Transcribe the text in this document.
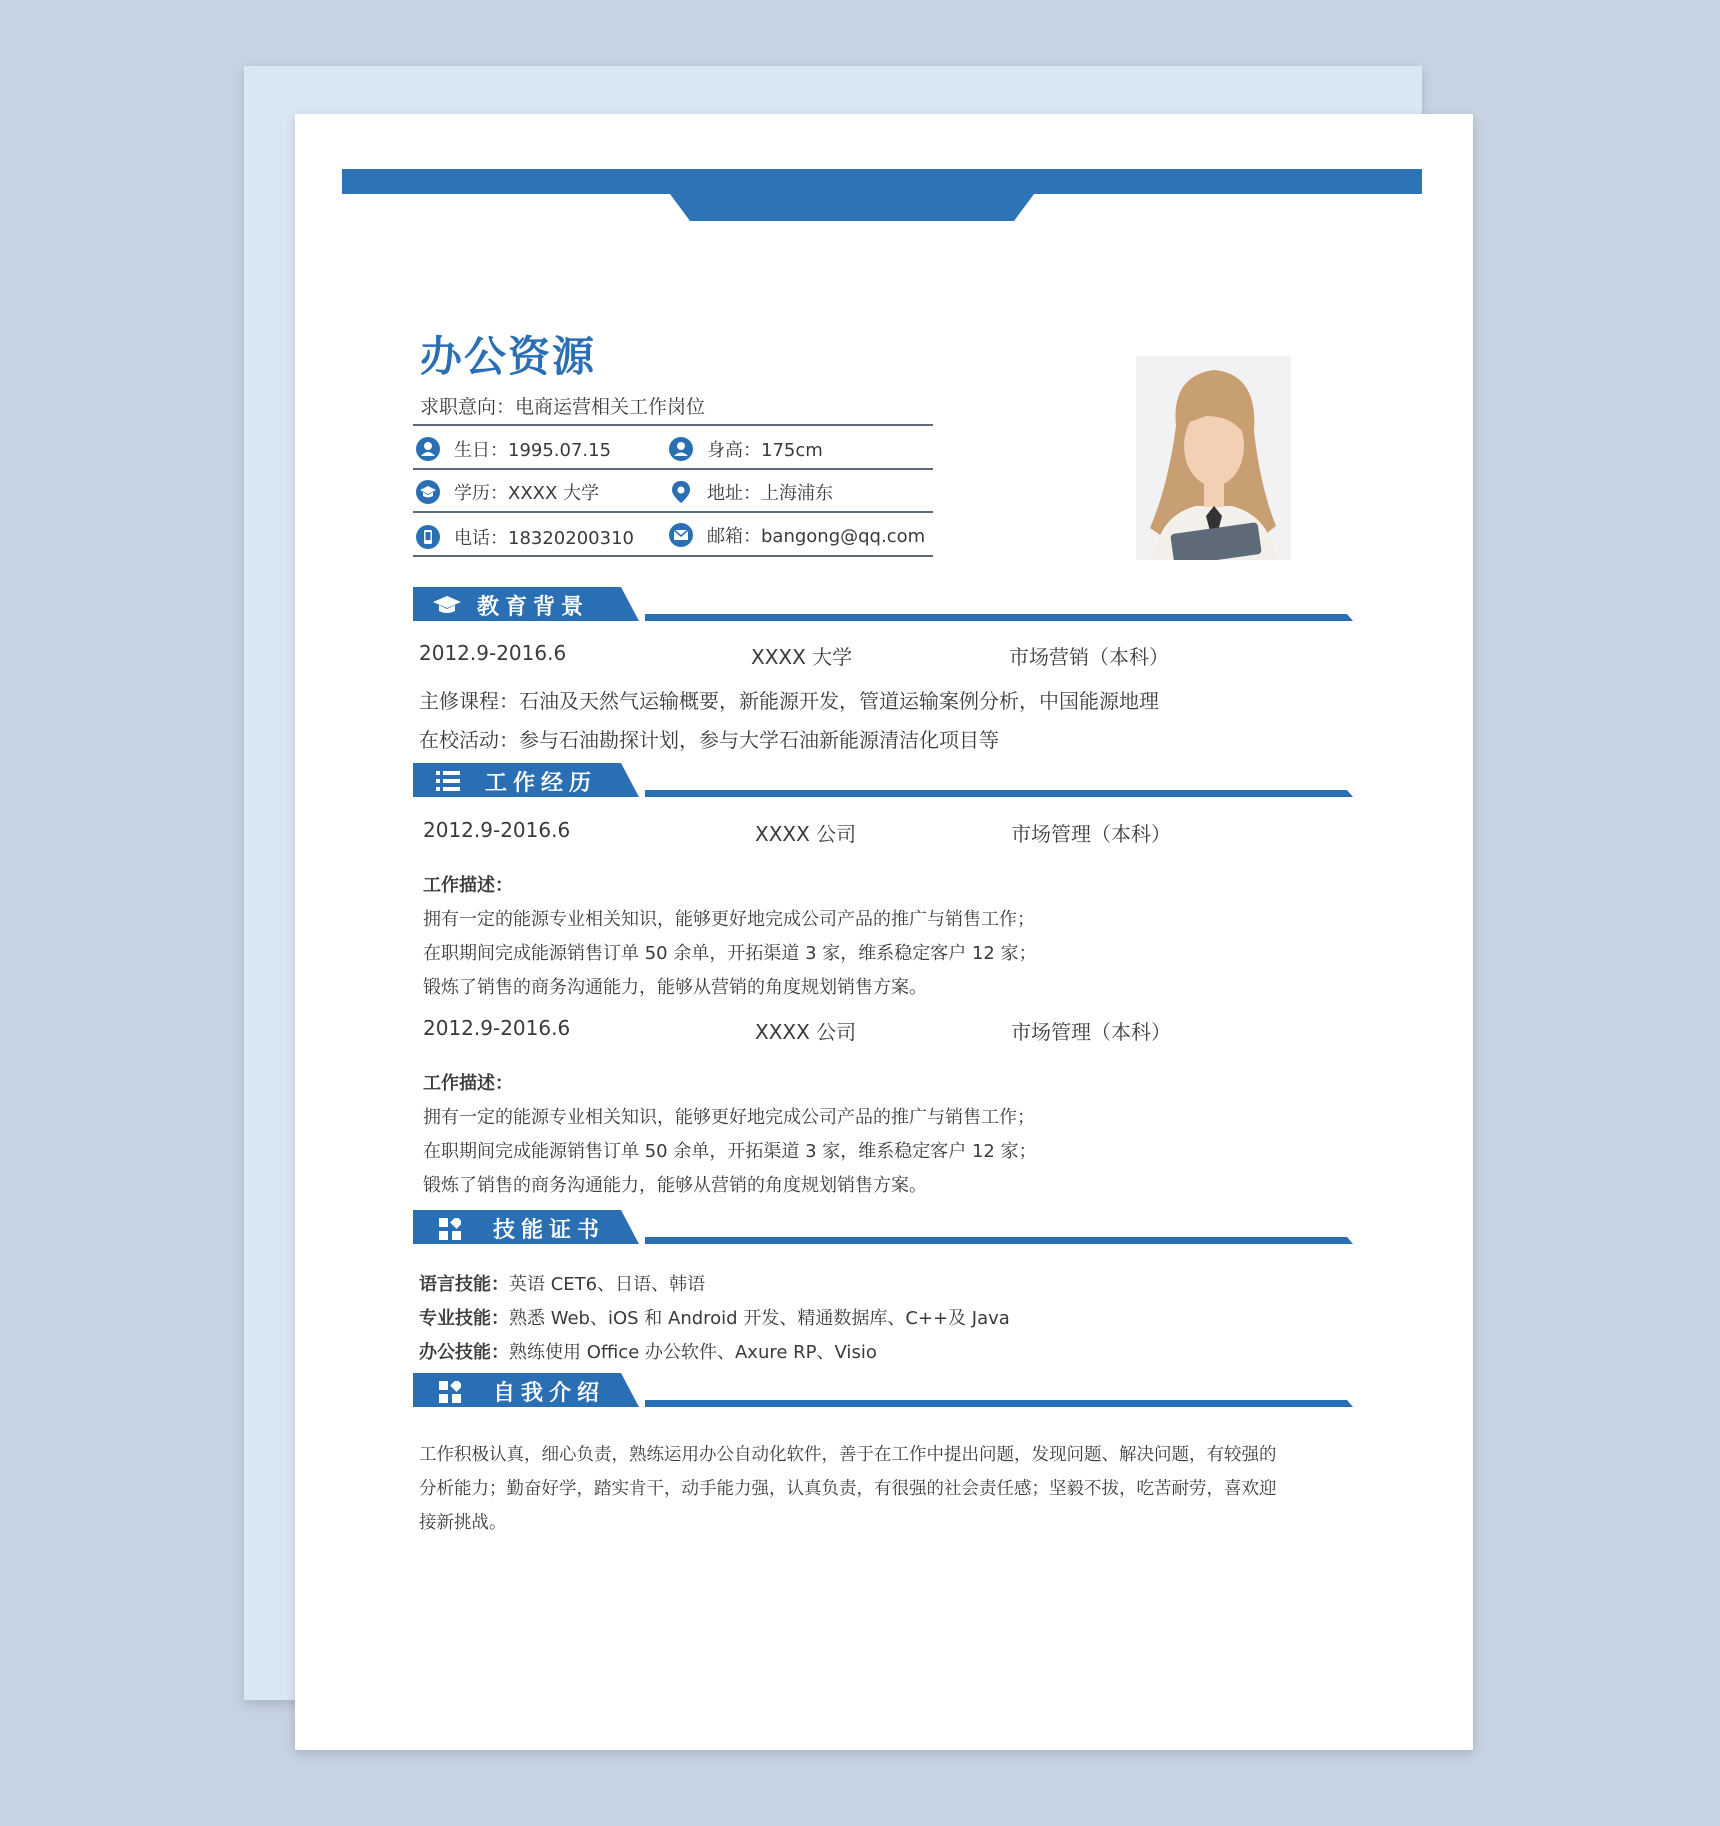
办公资源
求职意向：电商运营相关工作岗位
生日：1995.07.15	身高：175cm
学历：XXXX 大学	地址：上海浦东
电话：18320200310	邮箱：bangong@qq.com
教育背景
2012.9-2016.6	XXXX 大学	市场营销（本科）
主修课程：石油及天然气运输概要，新能源开发，管道运输案例分析，中国能源地理
在校活动：参与石油勘探计划，参与大学石油新能源清洁化项目等
工作经历
2012.9-2016.6	XXXX 公司	市场管理（本科）
工作描述：
拥有一定的能源专业相关知识，能够更好地完成公司产品的推广与销售工作；
在职期间完成能源销售订单 50 余单，开拓渠道 3 家，维系稳定客户 12 家；
锻炼了销售的商务沟通能力，能够从营销的角度规划销售方案。
2012.9-2016.6	XXXX 公司	市场管理（本科）
工作描述：
拥有一定的能源专业相关知识，能够更好地完成公司产品的推广与销售工作；
在职期间完成能源销售订单 50 余单，开拓渠道 3 家，维系稳定客户 12 家；
锻炼了销售的商务沟通能力，能够从营销的角度规划销售方案。
技能证书
语言技能：英语 CET6、日语、韩语
专业技能：熟悉 Web、iOS 和 Android 开发、精通数据库、C++及 Java
办公技能：熟练使用 Office 办公软件、Axure RP、Visio
自我介绍
工作积极认真，细心负责，熟练运用办公自动化软件，善于在工作中提出问题，发现问题、解决问题，有较强的
分析能力；勤奋好学，踏实肯干，动手能力强，认真负责，有很强的社会责任感；坚毅不拔，吃苦耐劳，喜欢迎
接新挑战。
